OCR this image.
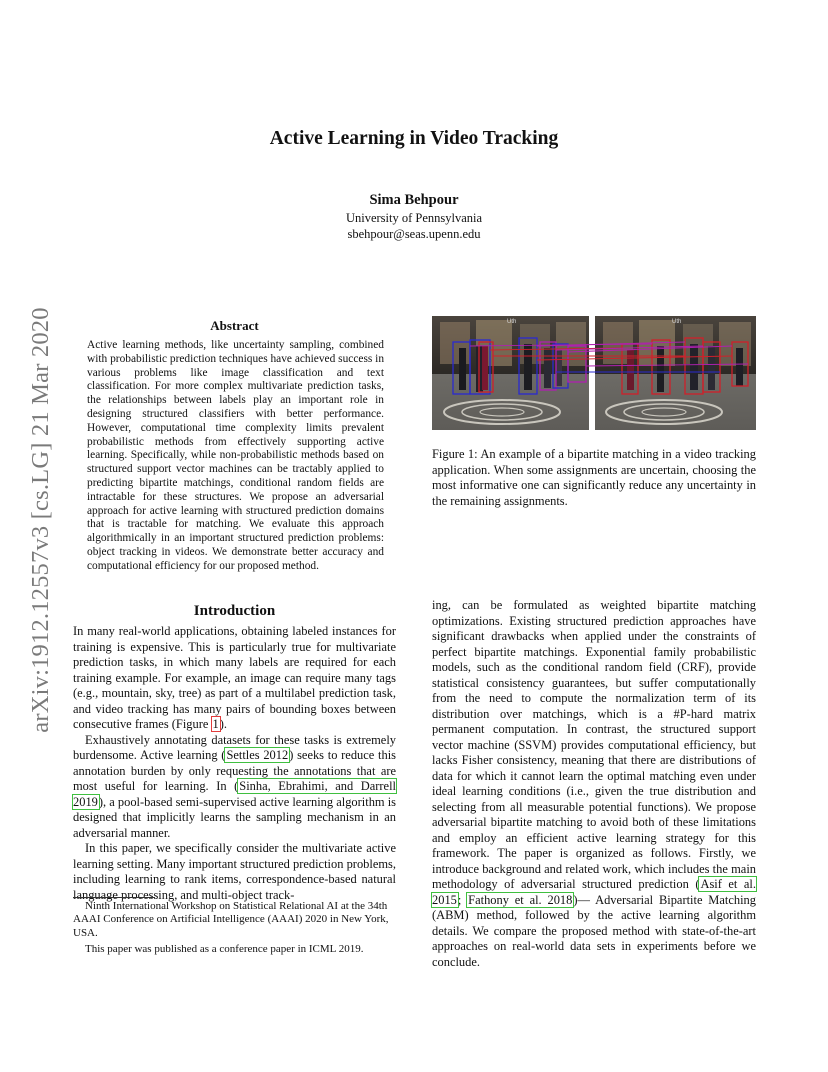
arXiv:1912.12557v3 [cs.LG] 21 Mar 2020
Active Learning in Video Tracking
Sima Behpour
University of Pennsylvania
sbehpour@seas.upenn.edu
Abstract
Active learning methods, like uncertainty sampling, combined with probabilistic prediction techniques have achieved success in various problems like image classification and text classification. For more complex multivariate prediction tasks, the relationships between labels play an important role in designing structured classifiers with better performance. However, computational time complexity limits prevalent probabilistic methods from effectively supporting active learning. Specifically, while non-probabilistic methods based on structured support vector machines can be tractably applied to predicting bipartite matchings, conditional random fields are intractable for these structures. We propose an adversarial approach for active learning with structured prediction domains that is tractable for matching. We evaluate this approach algorithmically in an important structured prediction problems: object tracking in videos. We demonstrate better accuracy and computational efficiency for our proposed method.
Introduction

In many real-world applications, obtaining labeled instances for training is expensive. This is particularly true for multivariate prediction tasks, in which many labels are required for each training example. For example, an image can require many tags (e.g., mountain, sky, tree) as part of a multilabel prediction task, and video tracking has many pairs of bounding boxes between consecutive frames (Figure 1).

Exhaustively annotating datasets for these tasks is extremely burdensome. Active learning (Settles 2012) seeks to reduce this annotation burden by only requesting the annotations that are most useful for learning. In (Sinha, Ebrahimi, and Darrell 2019), a pool-based semi-supervised active learning algorithm is designed that implicitly learns the sampling mechanism in an adversarial manner.

In this paper, we specifically consider the multivariate active learning setting. Many important structured prediction problems, including learning to rank items, correspondence-based natural language processing, and multi-object track-

Ninth International Workshop on Statistical Relational AI at the 34th AAAI Conference on Artificial Intelligence (AAAI) 2020 in New York, USA.

This paper was published as a conference paper in ICML 2019.

Uth	Uth
Figure 1: An example of a bipartite matching in a video tracking application. When some assignments are uncertain, choosing the most informative one can significantly reduce any uncertainty in the remaining assignments.

ing, can be formulated as weighted bipartite matching optimizations. Existing structured prediction approaches have significant drawbacks when applied under the constraints of perfect bipartite matchings. Exponential family probabilistic models, such as the conditional random field (CRF), provide statistical consistency guarantees, but suffer computationally from the need to compute the normalization term of its distribution over matchings, which is a #P-hard matrix permanent computation. In contrast, the structured support vector machine (SSVM) provides computational efficiency, but lacks Fisher consistency, meaning that there are distributions of data for which it cannot learn the optimal matching even under ideal learning conditions (i.e., given the true distribution and selecting from all measurable potential functions). We propose adversarial bipartite matching to avoid both of these limitations and employ an efficient active learning strategy for this framework. The paper is organized as follows. Firstly, we introduce background and related work, which includes the main methodology of adversarial structured prediction (Asif et al. 2015; Fathony et al. 2018)— Adversarial Bipartite Matching (ABM) method, followed by the active learning algorithm details. We compare the proposed method with state-of-the-art approaches on real-world data sets in experiments before we conclude.
